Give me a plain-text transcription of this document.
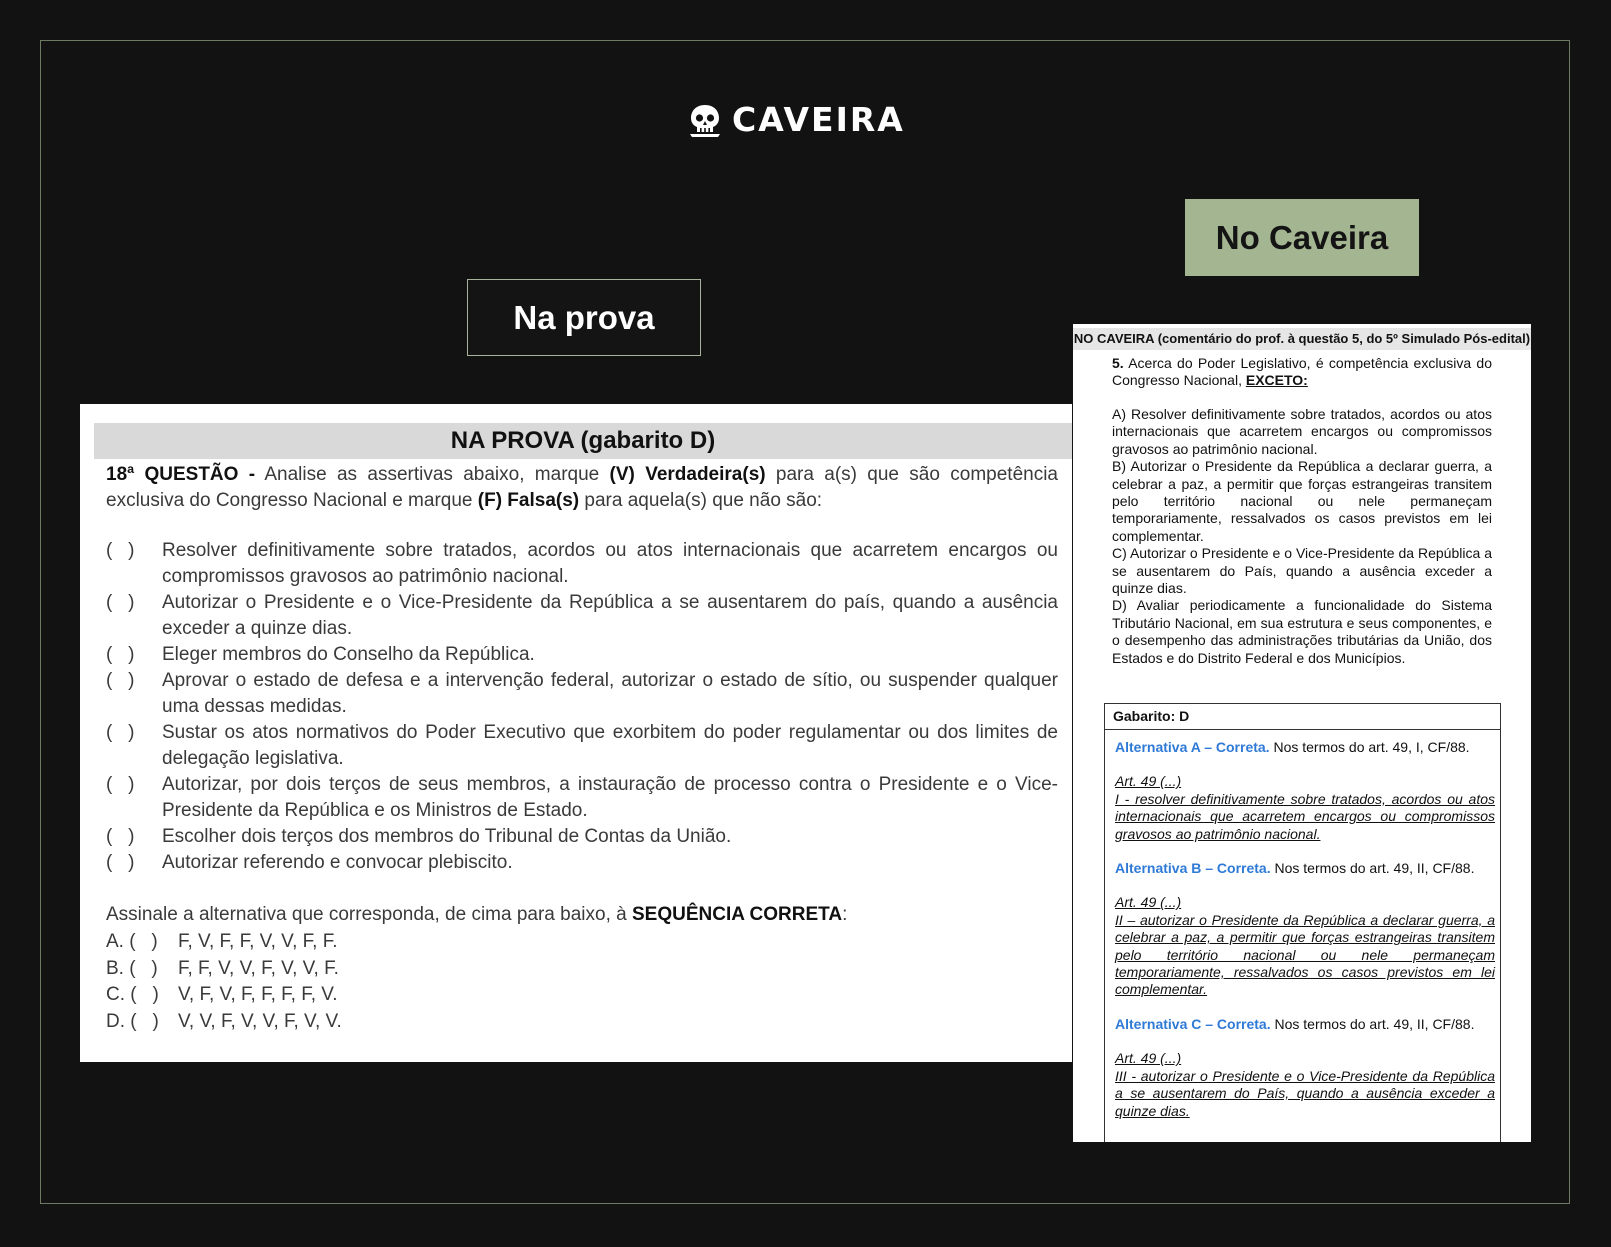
CAVEIRA
Na prova
No Caveira
NA PROVA (gabarito D)
18ª QUESTÃO - Analise as assertivas abaixo, marque (V) Verdadeira(s) para a(s) que são competência exclusiva do Congresso Nacional e marque (F) Falsa(s) para aquela(s) que não são:
(   )	Resolver definitivamente sobre tratados, acordos ou atos internacionais que acarretem encargos ou compromissos gravosos ao patrimônio nacional.
(   )	Autorizar o Presidente e o Vice-Presidente da República a se ausentarem do país, quando a ausência exceder a quinze dias.
(   )	Eleger membros do Conselho da República.
(   )	Aprovar o estado de defesa e a intervenção federal, autorizar o estado de sítio, ou suspender qualquer uma dessas medidas.
(   )	Sustar os atos normativos do Poder Executivo que exorbitem do poder regulamentar ou dos limites de delegação legislativa.
(   )	Autorizar, por dois terços de seus membros, a instauração de processo contra o Presidente e o Vice-Presidente da República e os Ministros de Estado.
(   )	Escolher dois terços dos membros do Tribunal de Contas da União.
(   )	Autorizar referendo e convocar plebiscito.
Assinale a alternativa que corresponda, de cima para baixo, à SEQUÊNCIA CORRETA:
A. (   )	F, V, F, F, V, V, F, F.
B. (   )	F, F, V, V, F, V, V, F.
C. (   )	V, F, V, F, F, F, F, V.
D. (   )	V, V, F, V, V, F, V, V.
NO CAVEIRA (comentário do prof. à questão 5, do 5º Simulado Pós-edital)
5. Acerca do Poder Legislativo, é competência exclusiva do Congresso Nacional, EXCETO:

A) Resolver definitivamente sobre tratados, acordos ou atos internacionais que acarretem encargos ou compromissos gravosos ao patrimônio nacional.

B) Autorizar o Presidente da República a declarar guerra, a celebrar a paz, a permitir que forças estrangeiras transitem pelo território nacional ou nele permaneçam temporariamente, ressalvados os casos previstos em lei complementar.

C) Autorizar o Presidente e o Vice-Presidente da República a se ausentarem do País, quando a ausência exceder a quinze dias.

D) Avaliar periodicamente a funcionalidade do Sistema Tributário Nacional, em sua estrutura e seus componentes, e o desempenho das administrações tributárias da União, dos Estados e do Distrito Federal e dos Municípios.

Gabarito: D

Alternativa A – Correta. Nos termos do art. 49, I, CF/88.

Art. 49 (...)

I - resolver definitivamente sobre tratados, acordos ou atos internacionais que acarretem encargos ou compromissos gravosos ao patrimônio nacional.

Alternativa B – Correta. Nos termos do art. 49, II, CF/88.

Art. 49 (...)

II – autorizar o Presidente da República a declarar guerra, a celebrar a paz, a permitir que forças estrangeiras transitem pelo território nacional ou nele permaneçam temporariamente, ressalvados os casos previstos em lei complementar.

Alternativa C – Correta. Nos termos do art. 49, II, CF/88.

Art. 49 (...)

III - autorizar o Presidente e o Vice-Presidente da República a se ausentarem do País, quando a ausência exceder a quinze dias.
